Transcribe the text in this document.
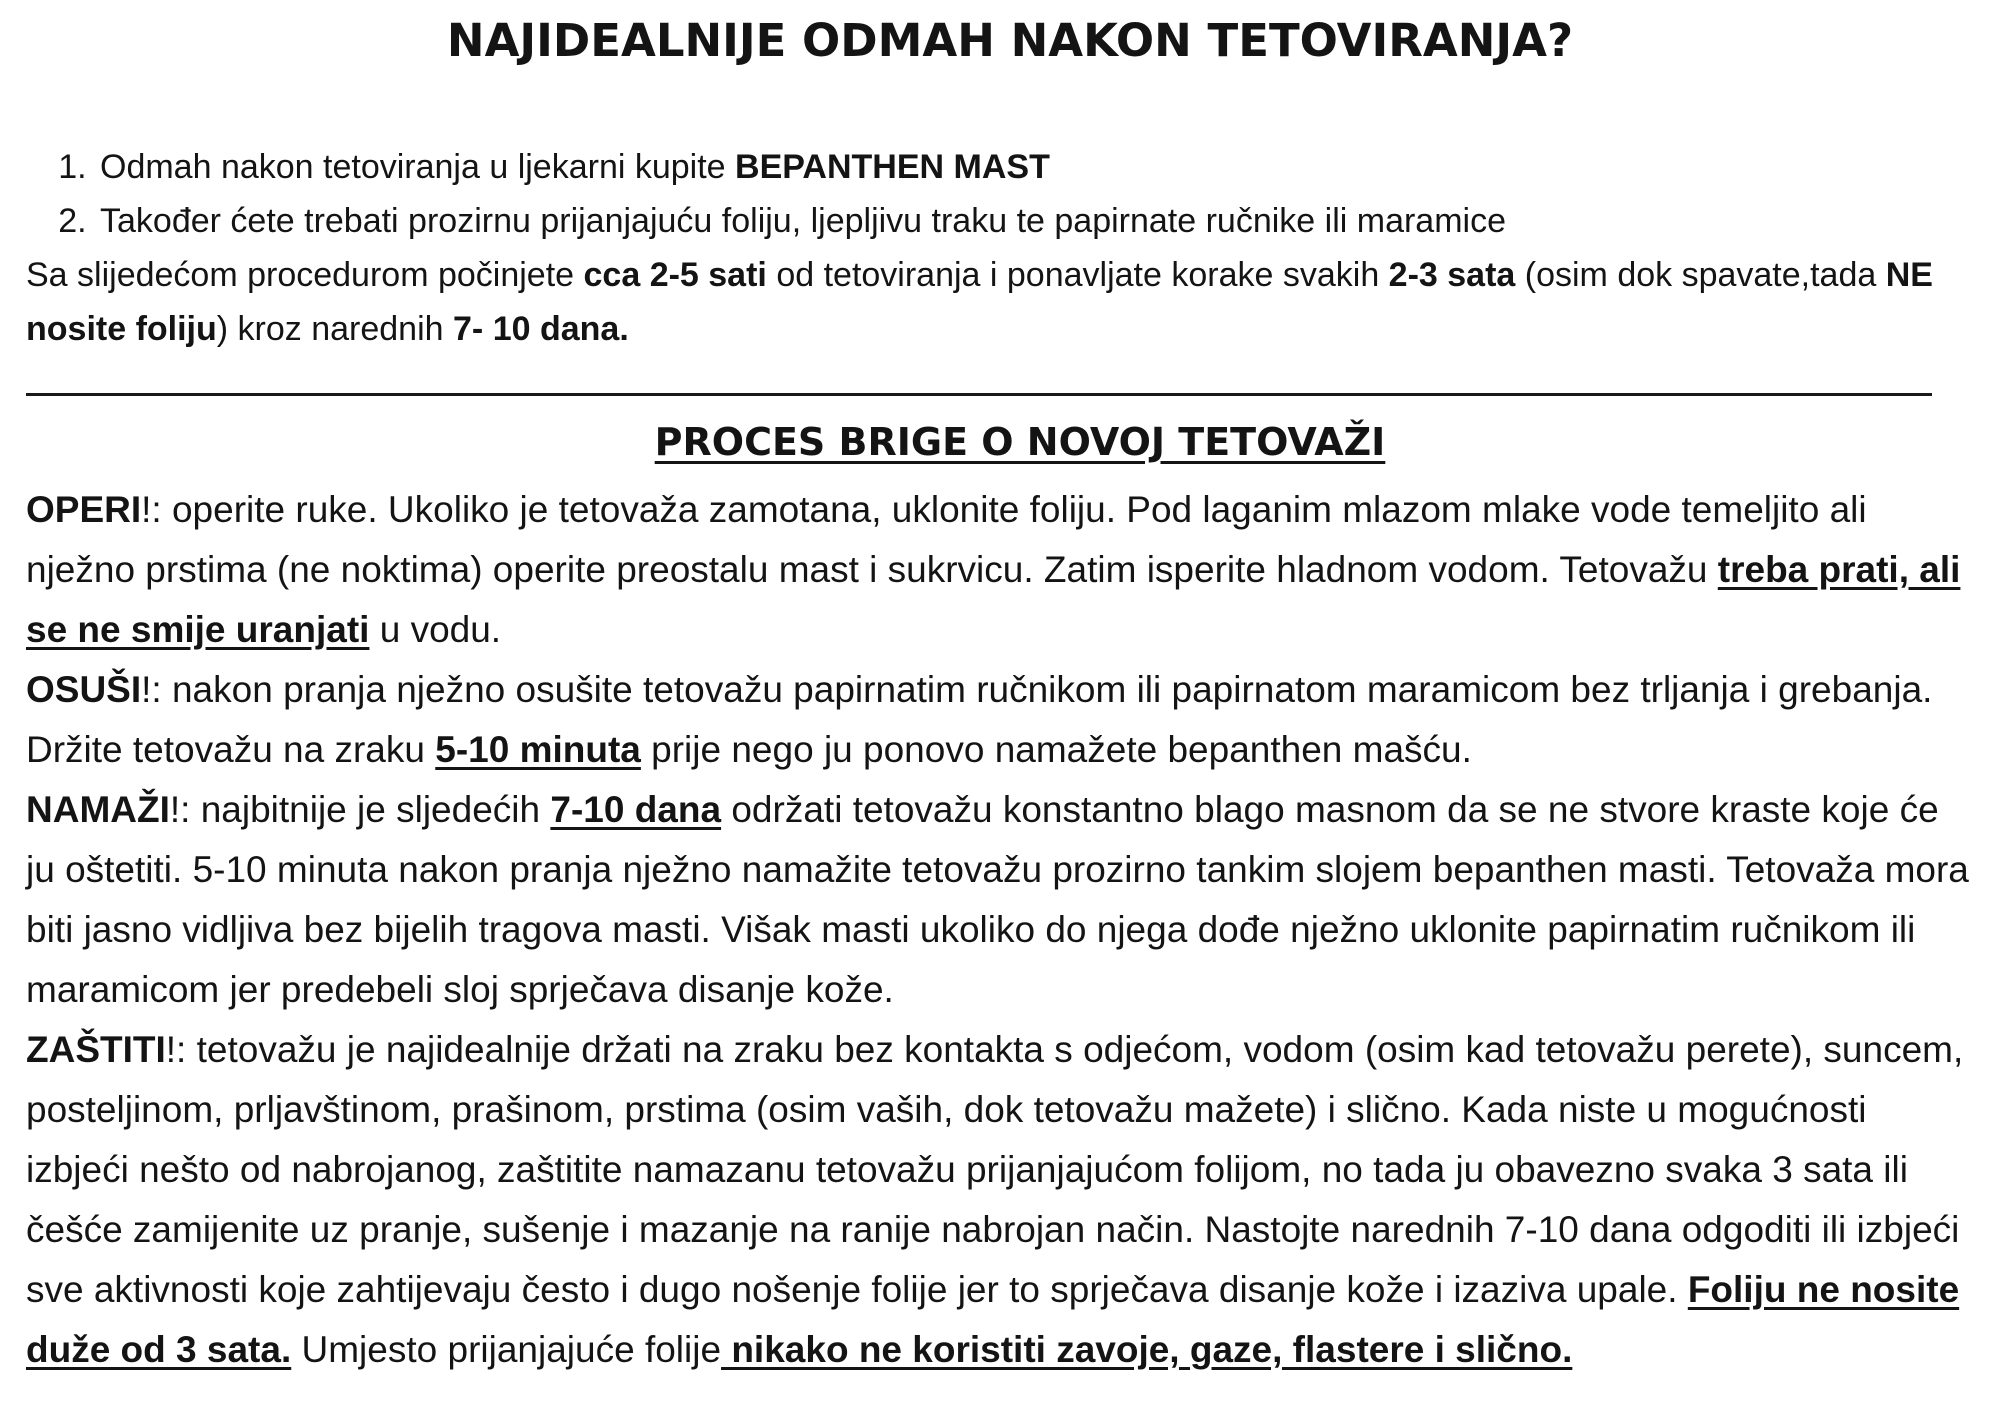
NAJIDEALNIJE ODMAH NAKON TETOVIRANJA?
1. Odmah nakon tetoviranja u ljekarni kupite BEPANTHEN MAST
2. Također ćete trebati prozirnu prijanjajuću foliju, ljepljivu traku te papirnate ručnike ili maramice

Sa slijedećom procedurom počinjete cca 2-5 sati od tetoviranja i ponavljate korake svakih 2-3 sata (osim dok spavate,tada NE nosite foliju) kroz narednih 7- 10 dana.

PROCES BRIGE O NOVOJ TETOVAŽI

OPERI!: operite ruke. Ukoliko je tetovaža zamotana, uklonite foliju. Pod laganim mlazom mlake vode temeljito ali nježno prstima (ne noktima) operite preostalu mast i sukrvicu. Zatim isperite hladnom vodom. Tetovažu treba prati, ali se ne smije uranjati u vodu.

OSUŠI!: nakon pranja nježno osušite tetovažu papirnatim ručnikom ili papirnatom maramicom bez trljanja i grebanja. Držite tetovažu na zraku 5-10 minuta prije nego ju ponovo namažete bepanthen mašću.

NAMAŽI!: najbitnije je sljedećih 7-10 dana održati tetovažu konstantno blago masnom da se ne stvore kraste koje će ju oštetiti. 5-10 minuta nakon pranja nježno namažite tetovažu prozirno tankim slojem bepanthen masti. Tetovaža mora biti jasno vidljiva bez bijelih tragova masti. Višak masti ukoliko do njega dođe nježno uklonite papirnatim ručnikom ili maramicom jer predebeli sloj sprječava disanje kože.

ZAŠTITI!: tetovažu je najidealnije držati na zraku bez kontakta s odjećom, vodom (osim kad tetovažu perete), suncem, posteljinom, prljavštinom, prašinom, prstima (osim vaših, dok tetovažu mažete) i slično. Kada niste u mogućnosti izbjeći nešto od nabrojanog, zaštitite namazanu tetovažu prijanjajućom folijom, no tada ju obavezno svaka 3 sata ili češće zamijenite uz pranje, sušenje i mazanje na ranije nabrojan način. Nastojte narednih 7-10 dana odgoditi ili izbjeći sve aktivnosti koje zahtijevaju često i dugo nošenje folije jer to sprječava disanje kože i izaziva upale. Foliju ne nosite duže od 3 sata. Umjesto prijanjajuće folije nikako ne koristiti zavoje, gaze, flastere i slično.
